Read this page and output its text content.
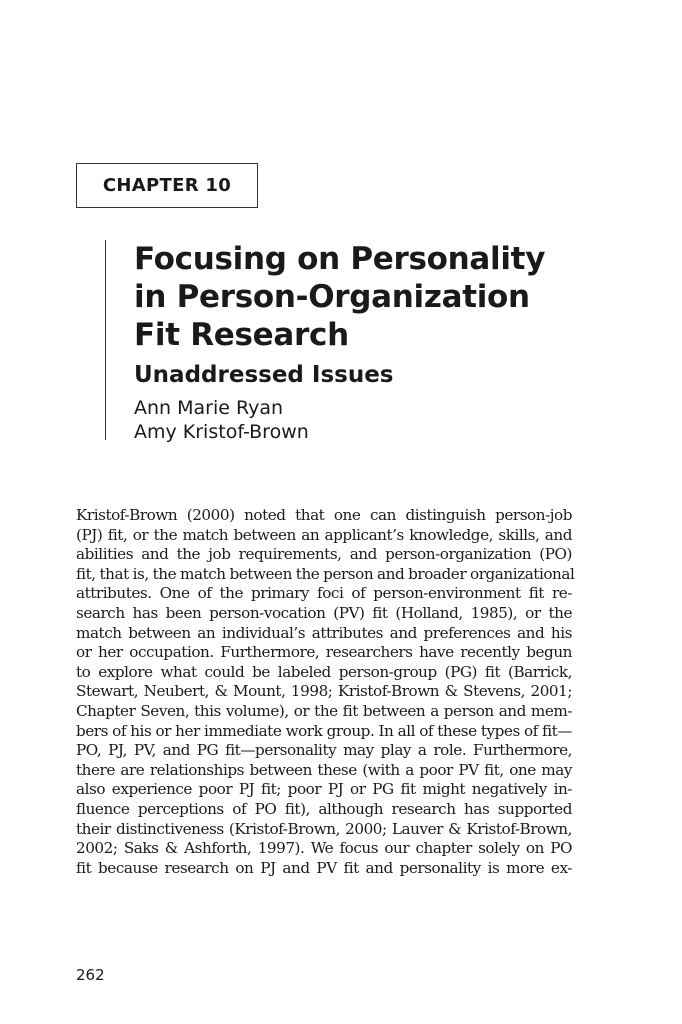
CHAPTER 10
Focusing on Personality
in Person-Organization
Fit Research
Unaddressed Issues
Ann Marie Ryan
Amy Kristof-Brown
Kristof-Brown (2000) noted that one can distinguish person-job
(PJ) fit, or the match between an applicant’s knowledge, skills, and
abilities and the job requirements, and person-organization (PO)
fit, that is, the match between the person and broader organizational
attributes. One of the primary foci of person-environment fit re-
search has been person-vocation (PV) fit (Holland, 1985), or the
match between an individual’s attributes and preferences and his
or her occupation. Furthermore, researchers have recently begun
to explore what could be labeled person-group (PG) fit (Barrick,
Stewart, Neubert, & Mount, 1998; Kristof-Brown & Stevens, 2001;
Chapter Seven, this volume), or the fit between a person and mem-
bers of his or her immediate work group. In all of these types of fit—
PO, PJ, PV, and PG fit—personality may play a role. Furthermore,
there are relationships between these (with a poor PV fit, one may
also experience poor PJ fit; poor PJ or PG fit might negatively in-
fluence perceptions of PO fit), although research has supported
their distinctiveness (Kristof-Brown, 2000; Lauver & Kristof-Brown,
2002; Saks & Ashforth, 1997). We focus our chapter solely on PO
fit because research on PJ and PV fit and personality is more ex-
262
